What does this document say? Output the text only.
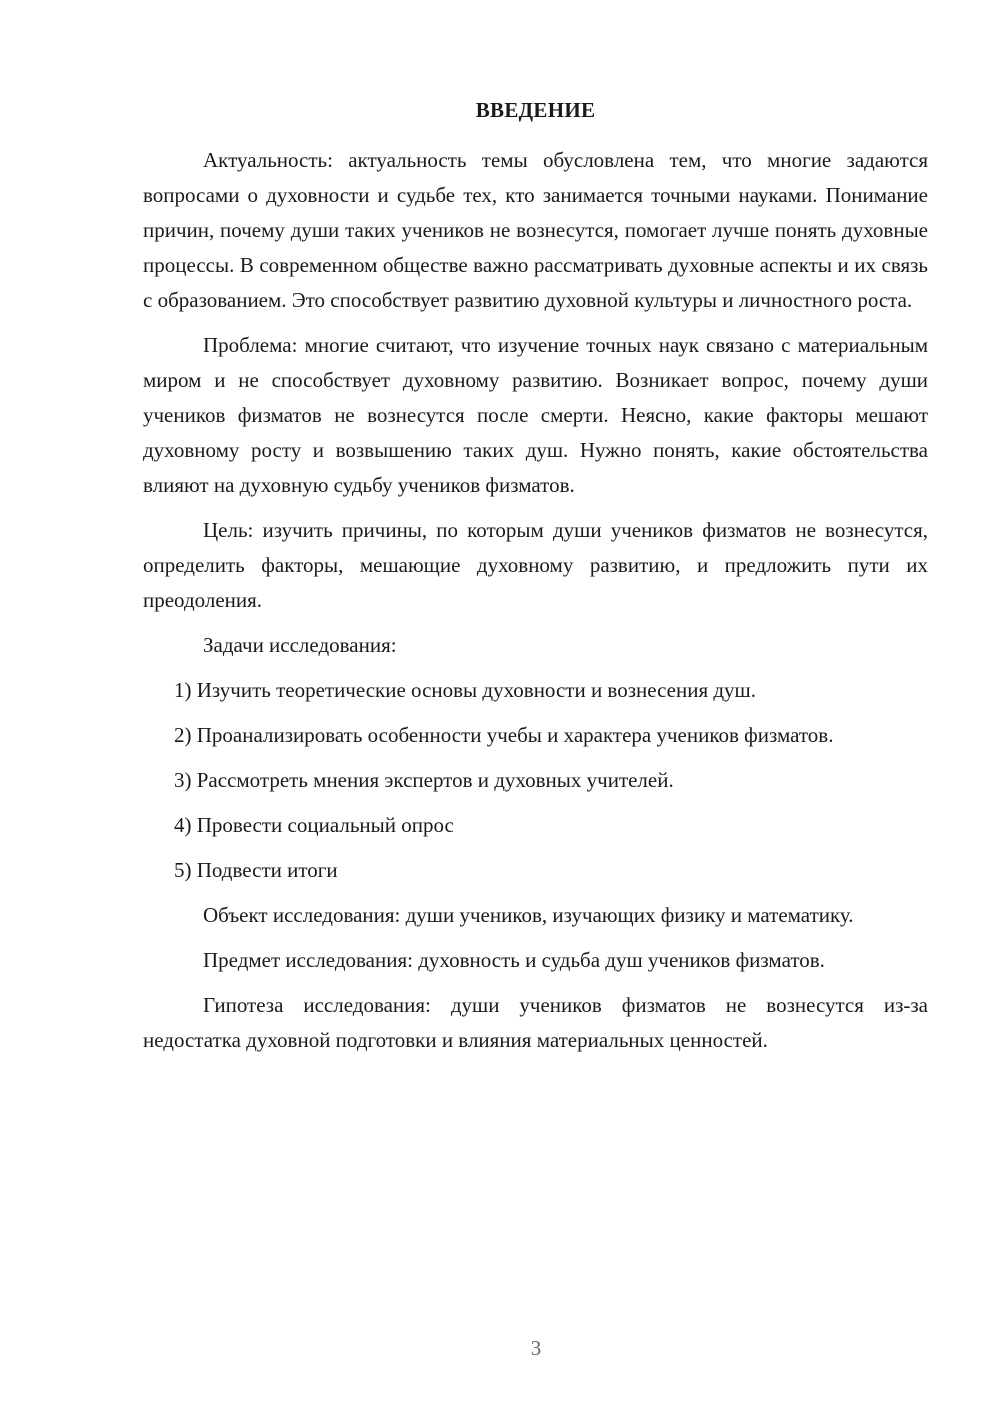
ВВЕДЕНИЕ

Актуальность: актуальность темы обусловлена тем, что многие задаются вопросами о духовности и судьбе тех, кто занимается точными науками. Понимание причин, почему души таких учеников не вознесутся, помогает лучше понять духовные процессы. В современном обществе важно рассматривать духовные аспекты и их связь с образованием. Это способствует развитию духовной культуры и личностного роста.

Проблема: многие считают, что изучение точных наук связано с материальным миром и не способствует духовному развитию. Возникает вопрос, почему души учеников физматов не вознесутся после смерти. Неясно, какие факторы мешают духовному росту и возвышению таких душ. Нужно понять, какие обстоятельства влияют на духовную судьбу учеников физматов.

Цель: изучить причины, по которым души учеников физматов не вознесутся, определить факторы, мешающие духовному развитию, и предложить пути их преодоления.

Задачи исследования:

1) Изучить теоретические основы духовности и вознесения душ.

2) Проанализировать особенности учебы и характера учеников физматов.

3) Рассмотреть мнения экспертов и духовных учителей.

4) Провести социальный опрос

5) Подвести итоги

Объект исследования: души учеников, изучающих физику и математику.

Предмет исследования: духовность и судьба душ учеников физматов.

Гипотеза исследования: души учеников физматов не вознесутся из-за недостатка духовной подготовки и влияния материальных ценностей.

3
